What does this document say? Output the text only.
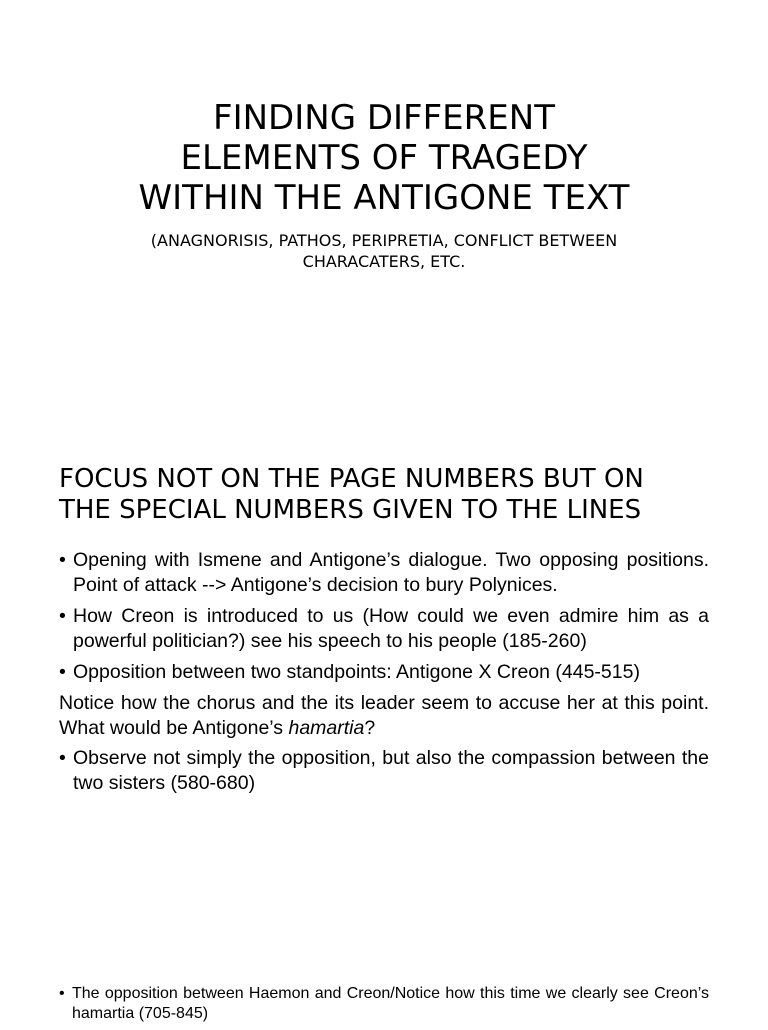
FINDING DIFFERENT
ELEMENTS OF TRAGEDY
WITHIN THE ANTIGONE TEXT

(ANAGNORISIS, PATHOS, PERIPRETIA, CONFLICT BETWEEN
CHARACATERS, ETC.

FOCUS NOT ON THE PAGE NUMBERS BUT ON
THE SPECIAL NUMBERS GIVEN TO THE LINES

• Opening with Ismene and Antigone’s dialogue. Two opposing positions. Point of attack --> Antigone’s decision to bury Polynices.

• How Creon is introduced to us (How could we even admire him as a powerful politician?) see his speech to his people (185-260)

• Opposition between two standpoints: Antigone X Creon (445-515)

Notice how the chorus and the its leader seem to accuse her at this point. What would be Antigone’s hamartia?

• Observe not simply the opposition, but also the compassion between the two sisters (580-680)

• The opposition between Haemon and Creon/Notice how this time we clearly see Creon’s hamartia (705-845)
